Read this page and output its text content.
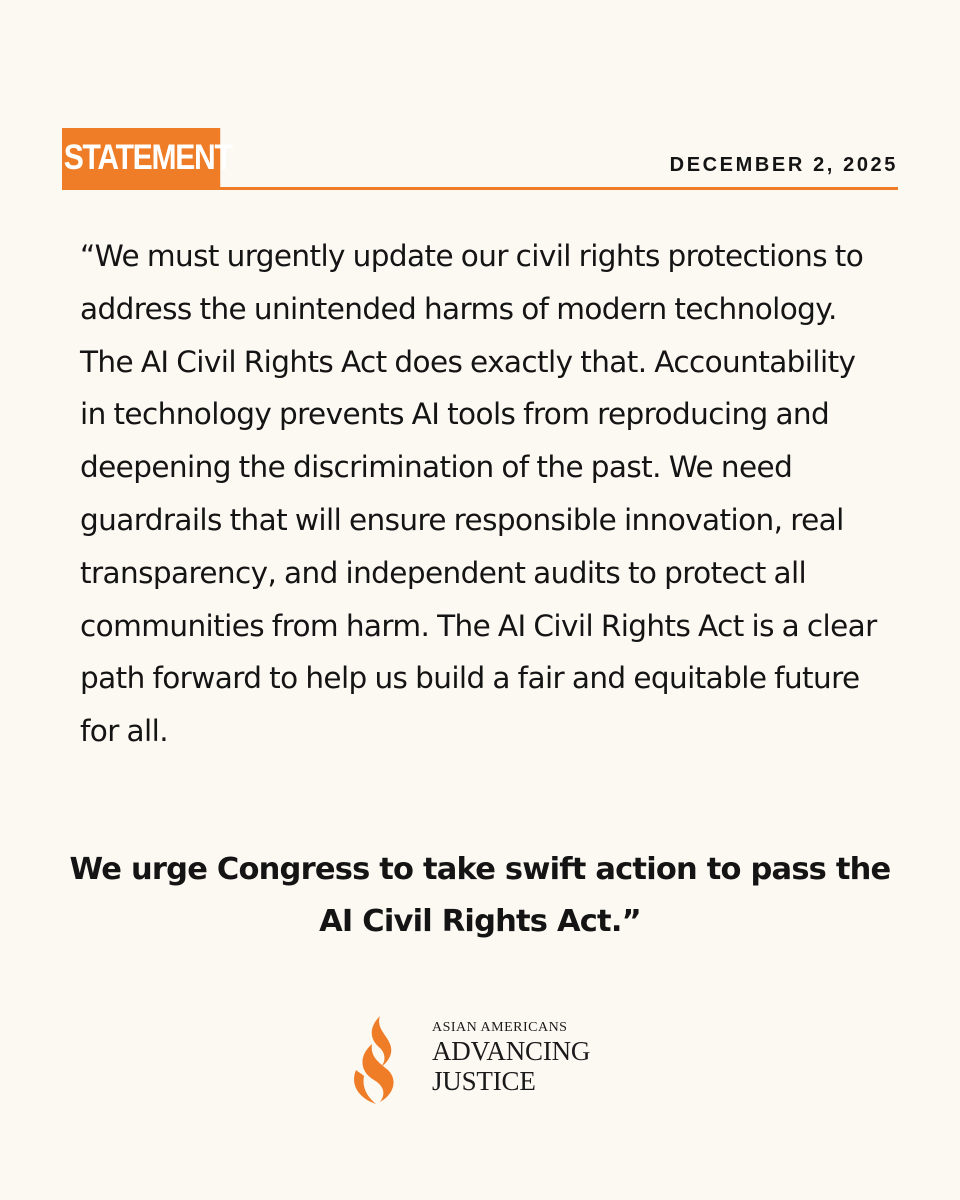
STATEMENT	DECEMBER 2, 2025

“We must urgently update our civil rights protections to address the unintended harms of modern technology. The AI Civil Rights Act does exactly that. Accountability in technology prevents AI tools from reproducing and deepening the discrimination of the past. We need guardrails that will ensure responsible innovation, real transparency, and independent audits to protect all communities from harm. The AI Civil Rights Act is a clear path forward to help us build a fair and equitable future for all.

We urge Congress to take swift action to pass the AI Civil Rights Act.”

ASIAN AMERICANS
ADVANCING
JUSTICE
